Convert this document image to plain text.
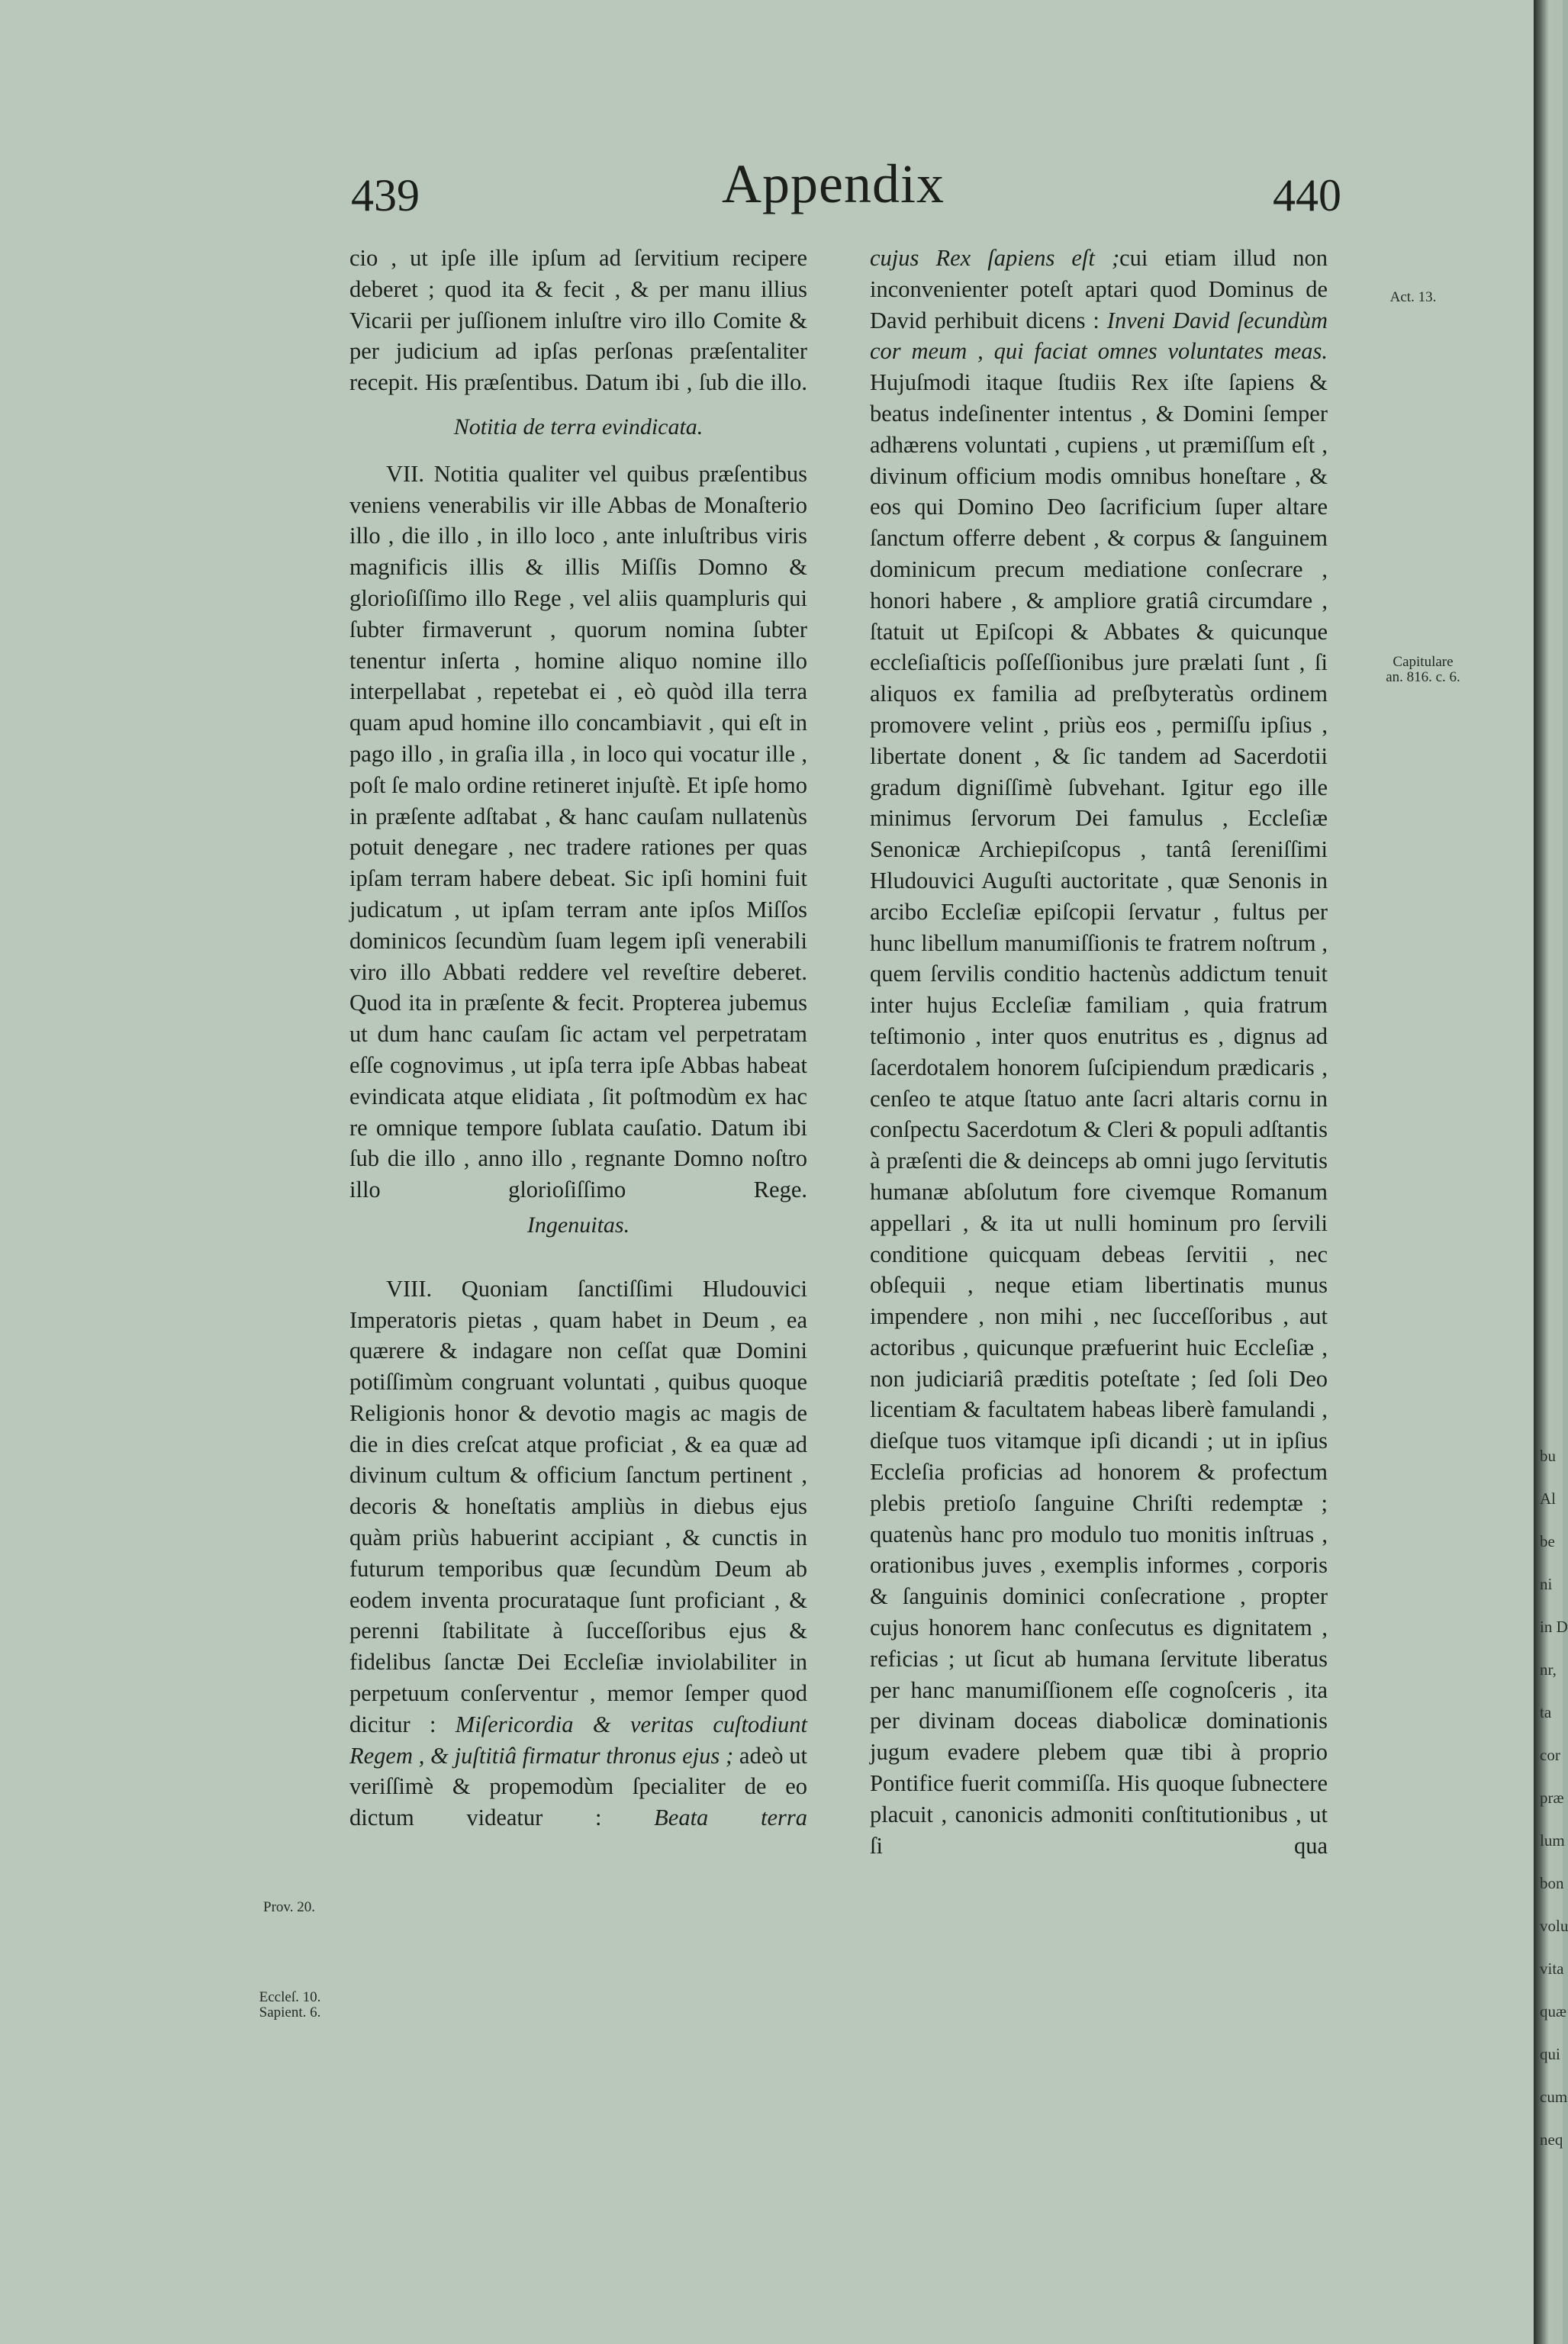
439	Appendix	440

cio , ut ipſe ille ipſum ad ſervitium recipere deberet ; quod ita & fecit , & per manu illius Vicarii per juſſionem inluſtre viro illo Comite & per judicium ad ipſas perſonas præſentaliter recepit. His præſentibus. Datum ibi , ſub die illo.

Notitia de terra evindicata.

VII. Notitia qualiter vel quibus præſentibus veniens venerabilis vir ille Abbas de Monaſterio illo , die illo , in illo loco , ante inluſtribus viris magnificis illis & illis Miſſis Domno & glorioſiſſimo illo Rege , vel aliis quampluris qui ſubter firmaverunt , quorum nomina ſubter tenentur inſerta , homine aliquo nomine illo interpellabat , repetebat ei , eò quòd illa terra quam apud homine illo concambiavit , qui eſt in pago illo , in graſia illa , in loco qui vocatur ille , poſt ſe malo ordine retineret injuſtè. Et ipſe homo in præſente adſtabat , & hanc cauſam nullatenùs potuit denegare , nec tradere rationes per quas ipſam terram habere debeat. Sic ipſi homini fuit judicatum , ut ipſam terram ante ipſos Miſſos dominicos ſecundùm ſuam legem ipſi venerabili viro illo Abbati reddere vel reveſtire deberet. Quod ita in præſente & fecit. Propterea jubemus ut dum hanc cauſam ſic actam vel perpetratam eſſe cognovimus , ut ipſa terra ipſe Abbas habeat evindicata atque elidiata , ſit poſtmodùm ex hac re omnique tempore ſublata cauſatio. Datum ibi ſub die illo , anno illo , regnante Domno noſtro illo glorioſiſſimo Rege.

Ingenuitas.

VIII. Quoniam ſanctiſſimi Hludouvici Imperatoris pietas , quam habet in Deum , ea quærere & indagare non ceſſat quæ Domini potiſſimùm congruant voluntati , quibus quoque Religionis honor & devotio magis ac magis de die in dies creſcat atque proficiat , & ea quæ ad divinum cultum & officium ſanctum pertinent , decoris & honeſtatis ampliùs in diebus ejus quàm priùs habuerint accipiant , & cunctis in futurum temporibus quæ ſecundùm Deum ab eodem inventa procurataque ſunt proficiant , & perenni ſtabilitate à ſucceſſoribus ejus & fidelibus ſanctæ Dei Eccleſiæ inviolabiliter in perpetuum conſerventur , memor ſemper quod dicitur : Miſericordia & veritas cuſtodiunt Regem , & juſtitiâ firmatur thronus ejus ; adeò ut veriſſimè & propemodùm ſpecialiter de eo dictum videatur : Beata terra

cujus Rex ſapiens eſt ;cui etiam illud non inconvenienter poteſt aptari quod Dominus de David perhibuit dicens : Inveni David ſecundùm cor meum , qui faciat omnes voluntates meas. Hujuſmodi itaque ſtudiis Rex iſte ſapiens & beatus indeſinenter intentus , & Domini ſemper adhærens voluntati , cupiens , ut præmiſſum eſt , divinum officium modis omnibus honeſtare , & eos qui Domino Deo ſacrificium ſuper altare ſanctum offerre debent , & corpus & ſanguinem dominicum precum mediatione conſecrare , honori habere , & ampliore gratiâ circumdare , ſtatuit ut Epiſcopi & Abbates & quicunque eccleſiaſticis poſſeſſionibus jure prælati ſunt , ſi aliquos ex familia ad preſbyteratùs ordinem promovere velint , priùs eos , permiſſu ipſius , libertate donent , & ſic tandem ad Sacerdotii gradum digniſſimè ſubvehant. Igitur ego ille minimus ſervorum Dei famulus , Eccleſiæ Senonicæ Archiepiſcopus , tantâ ſereniſſimi Hludouvici Auguſti auctoritate , quæ Senonis in arcibo Eccleſiæ epiſcopii ſervatur , fultus per hunc libellum manumiſſionis te fratrem noſtrum , quem ſervilis conditio hactenùs addictum tenuit inter hujus Eccleſiæ familiam , quia fratrum teſtimonio , inter quos enutritus es , dignus ad ſacerdotalem honorem ſuſcipiendum prædicaris , cenſeo te atque ſtatuo ante ſacri altaris cornu in conſpectu Sacerdotum & Cleri & populi adſtantis à præſenti die & deinceps ab omni jugo ſervitutis humanæ abſolutum fore civemque Romanum appellari , & ita ut nulli hominum pro ſervili conditione quicquam debeas ſervitii , nec obſequii , neque etiam libertinatis munus impendere , non mihi , nec ſucceſſoribus , aut actoribus , quicunque præfuerint huic Eccleſiæ , non judiciariâ præditis poteſtate ; ſed ſoli Deo licentiam & facultatem habeas liberè famulandi , dieſque tuos vitamque ipſi dicandi ; ut in ipſius Eccleſia proficias ad honorem & profectum plebis pretioſo ſanguine Chriſti redemptæ ; quatenùs hanc pro modulo tuo monitis inſtruas , orationibus juves , exemplis informes , corporis & ſanguinis dominici conſecratione , propter cujus honorem hanc conſecutus es dignitatem , reficias ; ut ſicut ab humana ſervitute liberatus per hanc manumiſſionem eſſe cognoſceris , ita per divinam doceas diabolicæ dominationis jugum evadere plebem quæ tibi à proprio Pontifice fuerit commiſſa. His quoque ſubnectere placuit , canonicis admoniti conſtitutionibus , ut ſi qua

Prov. 20.
Eccleſ. 10.
Sapient. 6.
Act. 13.
Capitulare
an. 816. c. 6.
bu
Al
be
ni
in D
nr,
ta
cor
præ
lum
bon
volu
vita
quæ
qui
cum
neq
